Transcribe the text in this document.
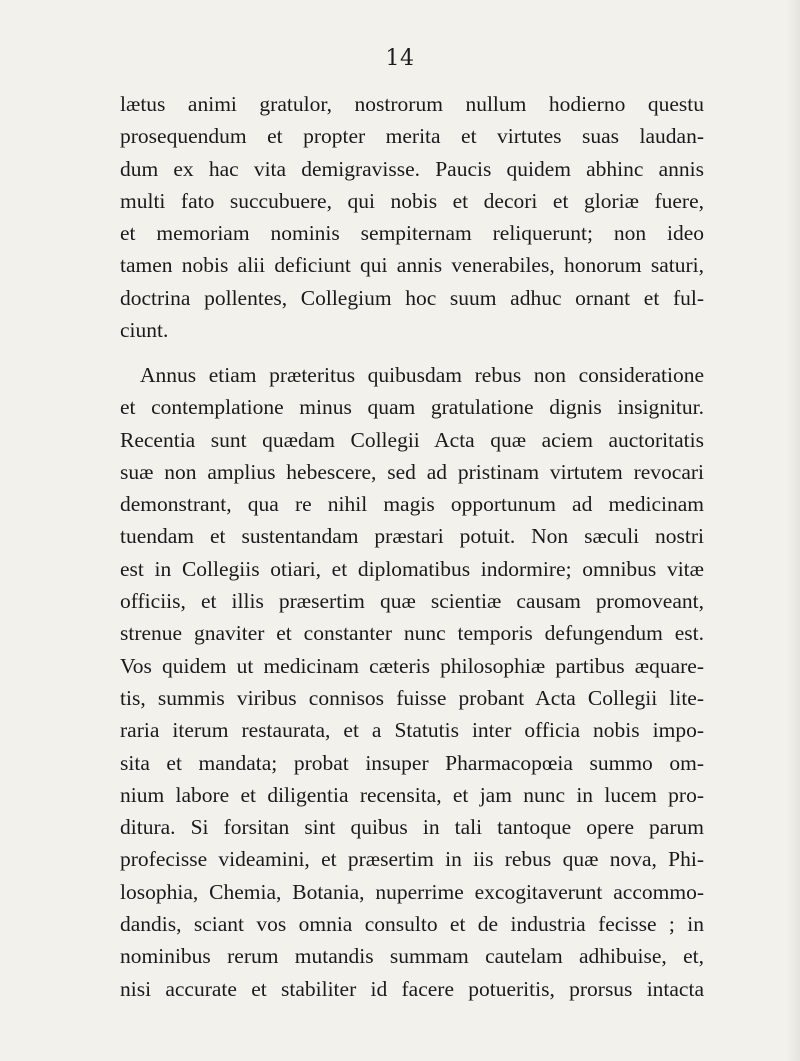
14
lætus animi gratulor, nostrorum nullum hodierno questu
prosequendum et propter merita et virtutes suas laudan-
dum ex hac vita demigravisse. Paucis quidem abhinc annis
multi fato succubuere, qui nobis et decori et gloriæ fuere,
et memoriam nominis sempiternam reliquerunt; non ideo
tamen nobis alii deficiunt qui annis venerabiles, honorum saturi,
doctrina pollentes, Collegium hoc suum adhuc ornant et ful-
ciunt.
Annus etiam præteritus quibusdam rebus non consideratione
et contemplatione minus quam gratulatione dignis insignitur.
Recentia sunt quædam Collegii Acta quæ aciem auctoritatis
suæ non amplius hebescere, sed ad pristinam virtutem revocari
demonstrant, qua re nihil magis opportunum ad medicinam
tuendam et sustentandam præstari potuit. Non sæculi nostri
est in Collegiis otiari, et diplomatibus indormire; omnibus vitæ
officiis, et illis præsertim quæ scientiæ causam promoveant,
strenue gnaviter et constanter nunc temporis defungendum est.
Vos quidem ut medicinam cæteris philosophiæ partibus æquare-
tis, summis viribus connisos fuisse probant Acta Collegii lite-
raria iterum restaurata, et a Statutis inter officia nobis impo-
sita et mandata; probat insuper Pharmacopœia summo om-
nium labore et diligentia recensita, et jam nunc in lucem pro-
ditura. Si forsitan sint quibus in tali tantoque opere parum
profecisse videamini, et præsertim in iis rebus quæ nova, Phi-
losophia, Chemia, Botania, nuperrime excogitaverunt accommo-
dandis, sciant vos omnia consulto et de industria fecisse ; in
nominibus rerum mutandis summam cautelam adhibuise, et,
nisi accurate et stabiliter id facere potueritis, prorsus intacta
